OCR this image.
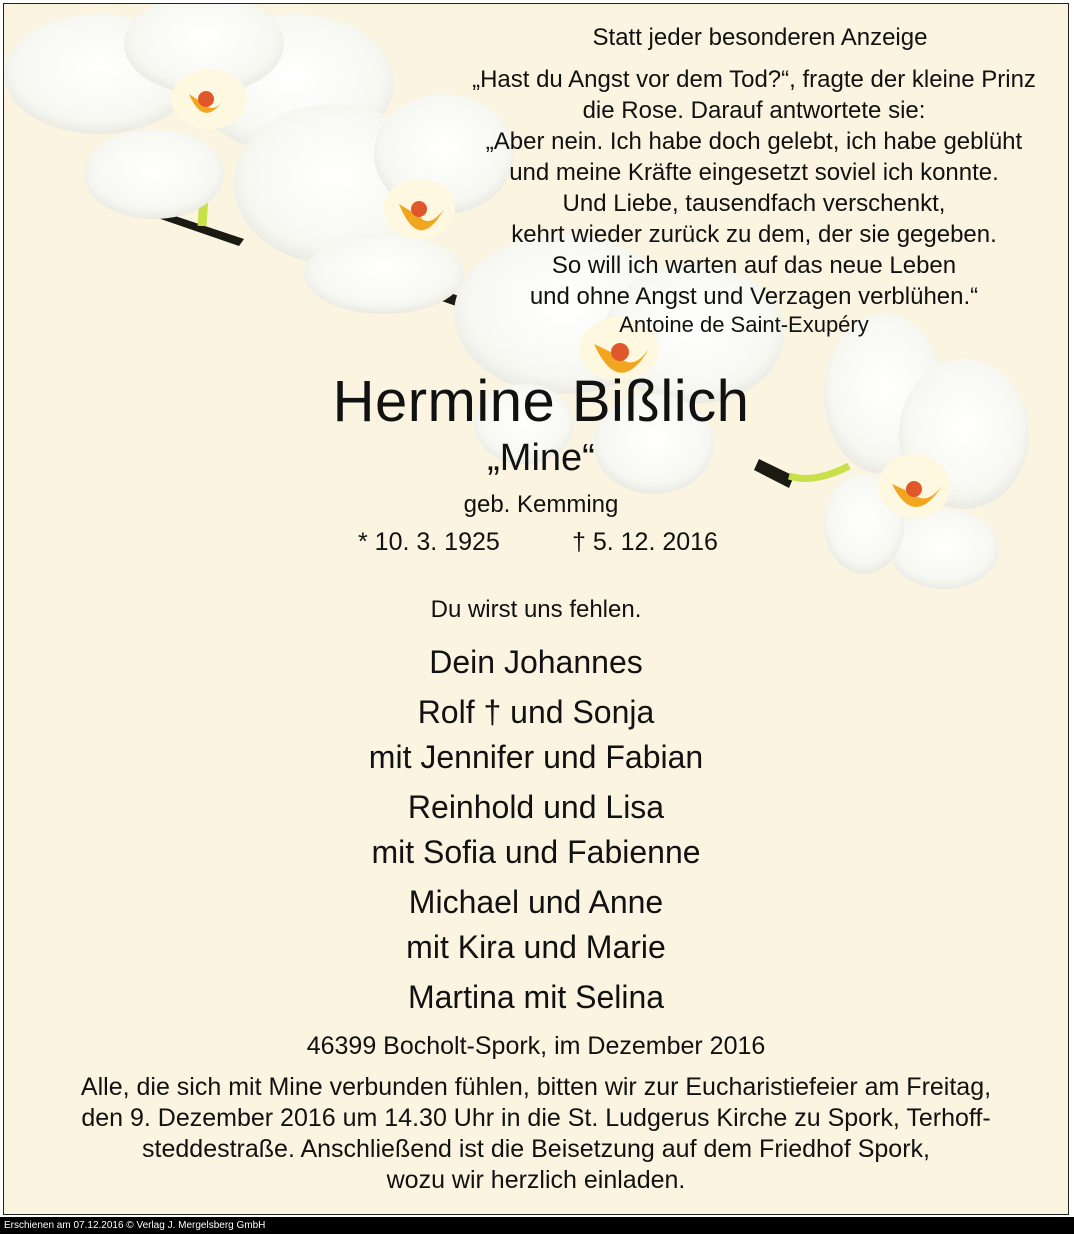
Statt jeder besonderen Anzeige
„Hast du Angst vor dem Tod?“, fragte der kleine Prinz
die Rose. Darauf antwortete sie:
„Aber nein. Ich habe doch gelebt, ich habe geblüht
und meine Kräfte eingesetzt soviel ich konnte.
Und Liebe, tausendfach verschenkt,
kehrt wieder zurück zu dem, der sie gegeben.
So will ich warten auf das neue Leben
und ohne Angst und Verzagen verblühen.“
Antoine de Saint-Exupéry
Hermine Bißlich
„Mine“
geb. Kemming
* 10. 3. 1925	† 5. 12. 2016
Du wirst uns fehlen.
Dein Johannes
Rolf † und Sonja
mit Jennifer und Fabian
Reinhold und Lisa
mit Sofia und Fabienne
Michael und Anne
mit Kira und Marie
Martina mit Selina
46399 Bocholt-Spork, im Dezember 2016
Alle, die sich mit Mine verbunden fühlen, bitten wir zur Eucharistiefeier am Freitag,
den 9. Dezember 2016 um 14.30 Uhr in die St. Ludgerus Kirche zu Spork, Terhoff-
steddestraße. Anschließend ist die Beisetzung auf dem Friedhof Spork,
wozu wir herzlich einladen.
Erschienen am 07.12.2016 © Verlag J. Mergelsberg GmbH
